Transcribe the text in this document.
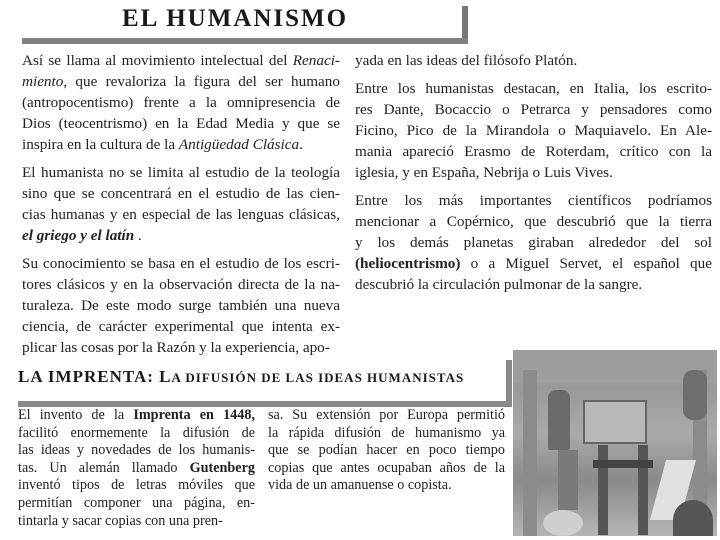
EL HUMANISMO
Así se llama al movimiento intelectual del Renaci-
miento, que revaloriza la figura del ser humano
(antropocentismo) frente a la omnipresencia de
Dios (teocentrismo) en la Edad Media y que se
inspira en la cultura de la Antigüedad Clásica.
El humanista no se limita al estudio de la teología
sino que se concentrará en el estudio de las cien-
cias humanas y en especial de las lenguas clásicas,
el griego y el latín .
Su conocimiento se basa en el estudio de los escri-
tores clásicos y en la observación directa de la na-
turaleza. De este modo surge también una nueva
ciencia, de carácter experimental que intenta ex-
plicar las cosas por la Razón y la experiencia, apo-
yada en las ideas del filósofo Platón.
Entre los humanistas destacan, en Italia, los escrito-
res Dante, Bocaccio o Petrarca y pensadores como
Ficino, Pico de la Mirandola o Maquiavelo. En Ale-
mania apareció Erasmo de Roterdam, crítico con la
iglesia, y en España, Nebrija o Luis Vives.
Entre los más importantes científicos podríamos
mencionar a Copérnico, que descubrió que la tierra
y los demás planetas giraban alrededor del sol
(heliocentrismo) o a Miguel Servet, el español que
descubrió la circulación pulmonar de la sangre.
LA IMPRENTA: LA DIFUSIÓN DE LAS IDEAS HUMANISTAS
El invento de la Imprenta en 1448,
facilitó enormemente la difusión de
las ideas y novedades de los humanis-
tas. Un alemán llamado Gutenberg
inventó tipos de letras móviles que
permitían componer una página, en-
tintarla y sacar copias con una pren-
sa. Su extensión por Europa permitió
la rápida difusión de humanismo ya
que se podían hacer en poco tiempo
copias que antes ocupaban años de la
vida de un amanuense o copista.
